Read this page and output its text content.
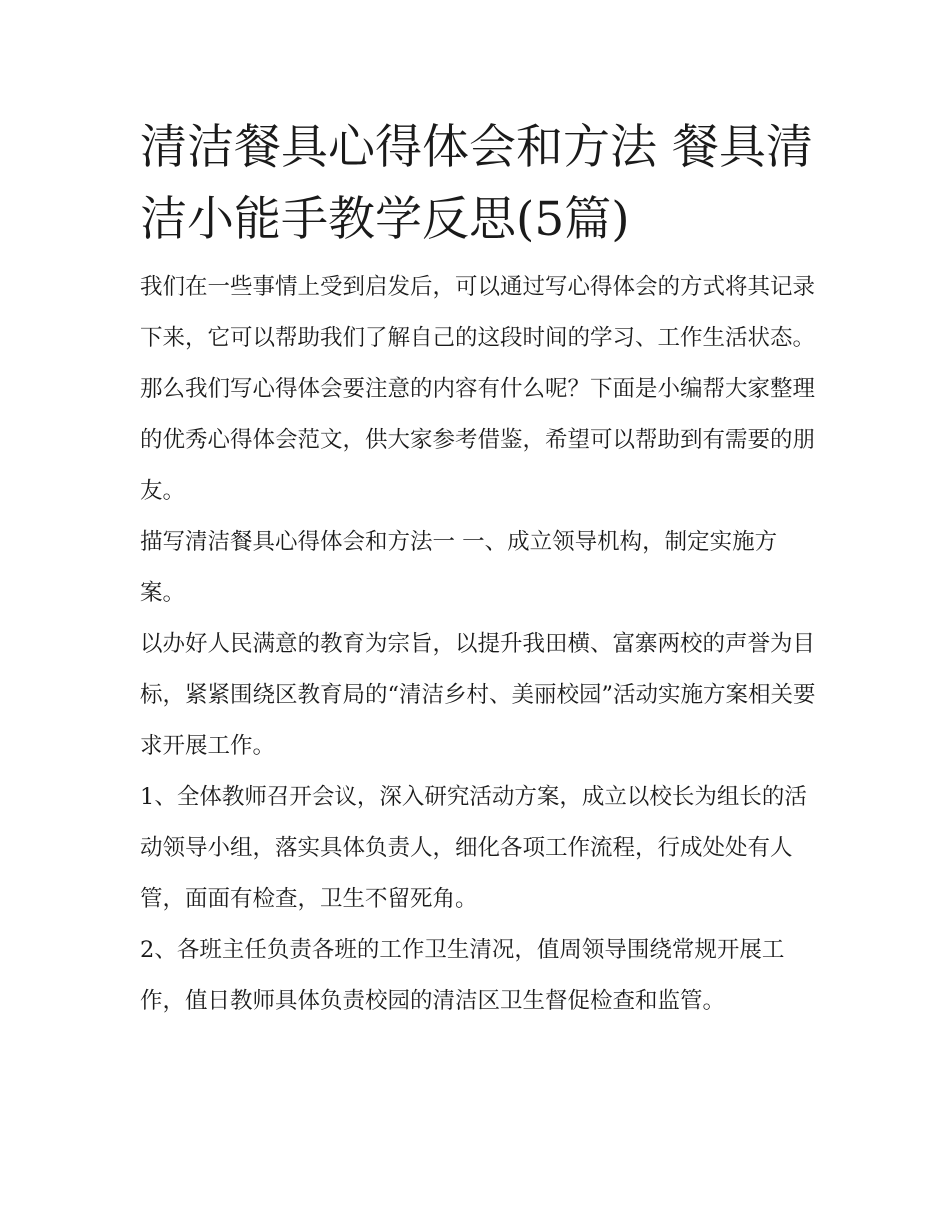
清洁餐具心得体会和方法 餐具清洁小能手教学反思(5篇)

我们在一些事情上受到启发后，可以通过写心得体会的方式将其记录下来，它可以帮助我们了解自己的这段时间的学习、工作生活状态。那么我们写心得体会要注意的内容有什么呢？下面是小编帮大家整理的优秀心得体会范文，供大家参考借鉴，希望可以帮助到有需要的朋友。

描写清洁餐具心得体会和方法一 一、成立领导机构，制定实施方案。

以办好人民满意的教育为宗旨，以提升我田横、富寨两校的声誉为目标，紧紧围绕区教育局的“清洁乡村、美丽校园”活动实施方案相关要求开展工作。

1、全体教师召开会议，深入研究活动方案，成立以校长为组长的活动领导小组，落实具体负责人，细化各项工作流程，行成处处有人管，面面有检查，卫生不留死角。

2、各班主任负责各班的工作卫生清况，值周领导围绕常规开展工作，值日教师具体负责校园的清洁区卫生督促检查和监管。
